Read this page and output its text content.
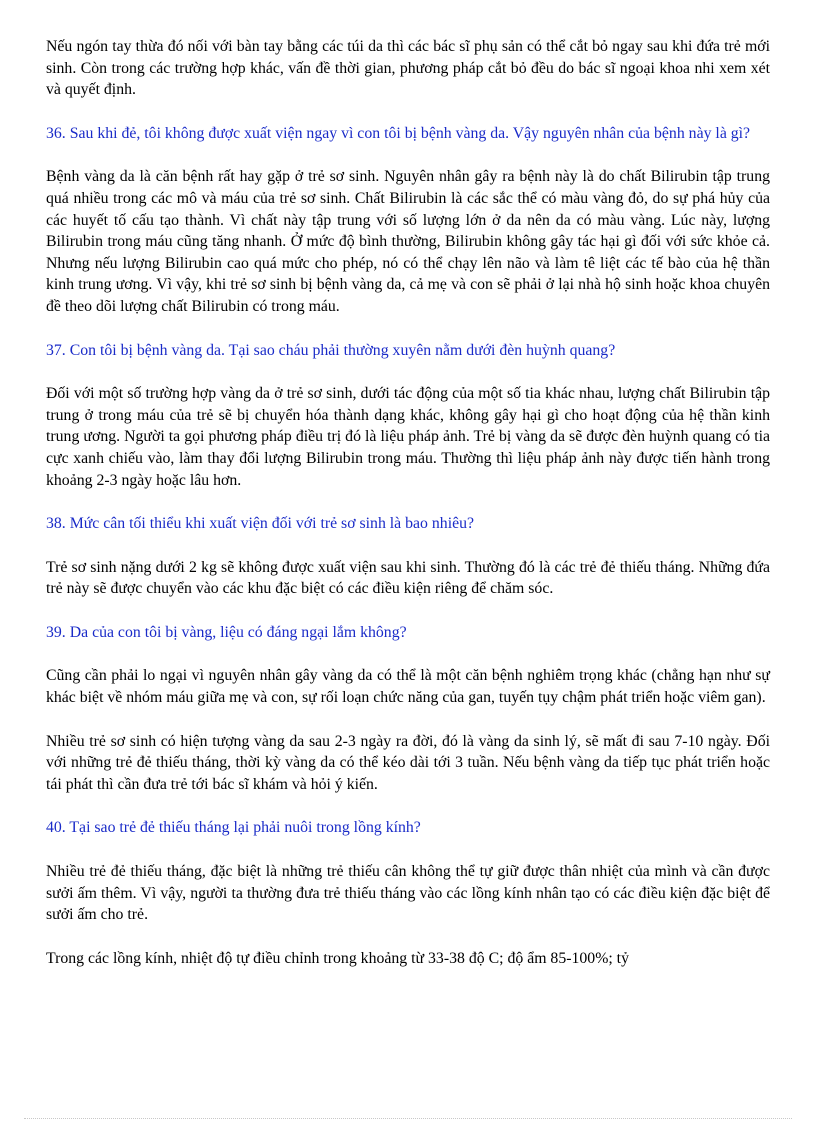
Nếu ngón tay thừa đó nối với bàn tay bằng các túi da thì các bác sĩ phụ sản có thể cắt bỏ ngay sau khi đứa trẻ mới sinh. Còn trong các trường hợp khác, vấn đề thời gian, phương pháp cắt bỏ đều do bác sĩ ngoại khoa nhi xem xét và quyết định.

36. Sau khi đẻ, tôi không được xuất viện ngay vì con tôi bị bệnh vàng da. Vậy nguyên nhân của bệnh này là gì?

Bệnh vàng da là căn bệnh rất hay gặp ở trẻ sơ sinh. Nguyên nhân gây ra bệnh này là do chất Bilirubin tập trung quá nhiều trong các mô và máu của trẻ sơ sinh. Chất Bilirubin là các sắc thể có màu vàng đỏ, do sự phá hủy của các huyết tố cấu tạo thành. Vì chất này tập trung với số lượng lớn ở da nên da có màu vàng. Lúc này, lượng Bilirubin trong máu cũng tăng nhanh. Ở mức độ bình thường, Bilirubin không gây tác hại gì đối với sức khỏe cả. Nhưng nếu lượng Bilirubin cao quá mức cho phép, nó có thể chạy lên não và làm tê liệt các tế bào của hệ thần kinh trung ương. Vì vậy, khi trẻ sơ sinh bị bệnh vàng da, cả mẹ và con sẽ phải ở lại nhà hộ sinh hoặc khoa chuyên đề theo dõi lượng chất Bilirubin có trong máu.

37. Con tôi bị bệnh vàng da. Tại sao cháu phải thường xuyên nằm dưới đèn huỳnh quang?

Đối với một số trường hợp vàng da ở trẻ sơ sinh, dưới tác động của một số tia khác nhau, lượng chất Bilirubin tập trung ở trong máu của trẻ sẽ bị chuyển hóa thành dạng khác, không gây hại gì cho hoạt động của hệ thần kinh trung ương. Người ta gọi phương pháp điều trị đó là liệu pháp ảnh. Trẻ bị vàng da sẽ được đèn huỳnh quang có tia cực xanh chiếu vào, làm thay đổi lượng Bilirubin trong máu. Thường thì liệu pháp ảnh này được tiến hành trong khoảng 2-3 ngày hoặc lâu hơn.

38. Mức cân tối thiểu khi xuất viện đối với trẻ sơ sinh là bao nhiêu?

Trẻ sơ sinh nặng dưới 2 kg sẽ không được xuất viện sau khi sinh. Thường đó là các trẻ đẻ thiếu tháng. Những đứa trẻ này sẽ được chuyển vào các khu đặc biệt có các điều kiện riêng để chăm sóc.

39. Da của con tôi bị vàng, liệu có đáng ngại lắm không?

Cũng cần phải lo ngại vì nguyên nhân gây vàng da có thể là một căn bệnh nghiêm trọng khác (chẳng hạn như sự khác biệt về nhóm máu giữa mẹ và con, sự rối loạn chức năng của gan, tuyến tụy chậm phát triển hoặc viêm gan).

Nhiều trẻ sơ sinh có hiện tượng vàng da sau 2-3 ngày ra đời, đó là vàng da sinh lý, sẽ mất đi sau 7-10 ngày. Đối với những trẻ đẻ thiếu tháng, thời kỳ vàng da có thể kéo dài tới 3 tuần. Nếu bệnh vàng da tiếp tục phát triển hoặc tái phát thì cần đưa trẻ tới bác sĩ khám và hỏi ý kiến.

40. Tại sao trẻ đẻ thiếu tháng lại phải nuôi trong lồng kính?

Nhiều trẻ đẻ thiếu tháng, đặc biệt là những trẻ thiếu cân không thể tự giữ được thân nhiệt của mình và cần được sưởi ấm thêm. Vì vậy, người ta thường đưa trẻ thiếu tháng vào các lồng kính nhân tạo có các điều kiện đặc biệt để sưởi ấm cho trẻ.

Trong các lồng kính, nhiệt độ tự điều chỉnh trong khoảng từ 33-38 độ C; độ ẩm 85-100%; tỷ
